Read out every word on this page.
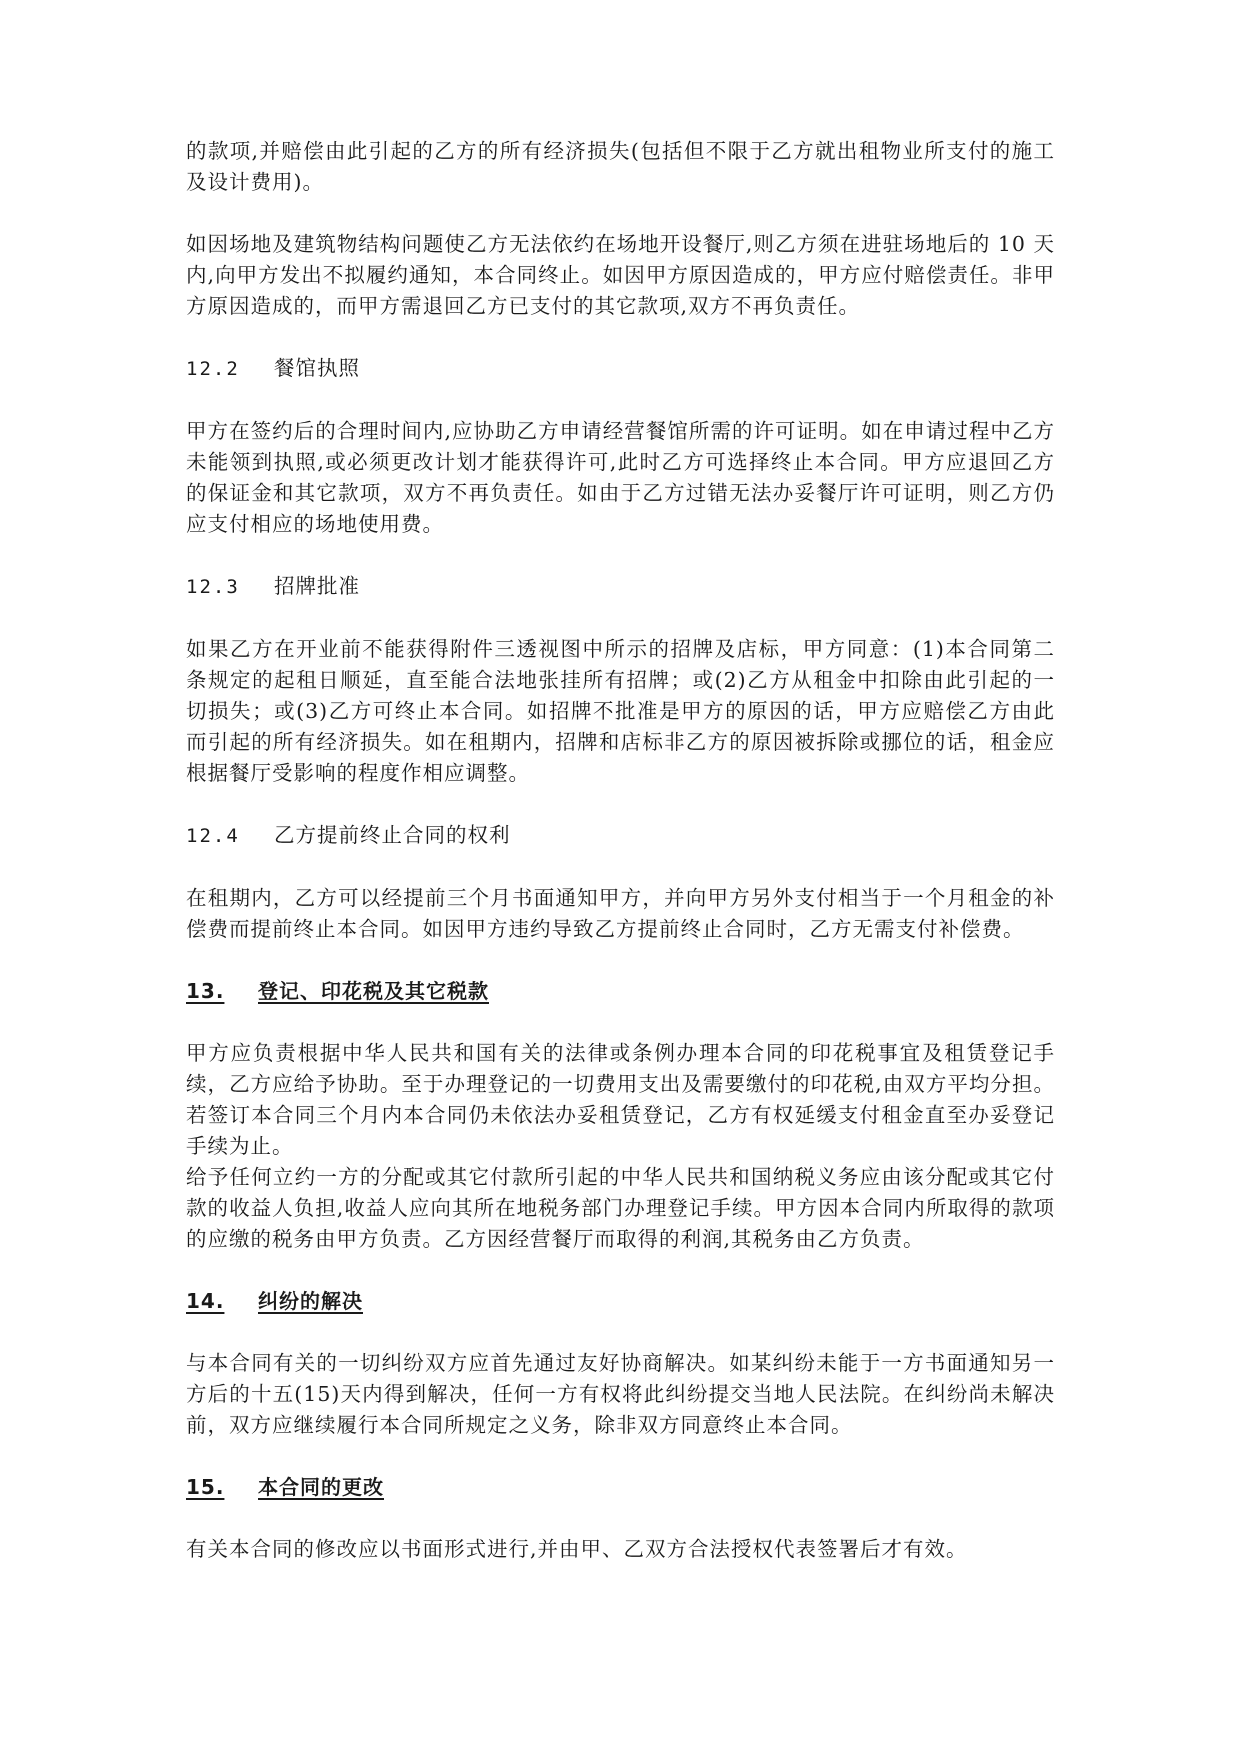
的款项,并赔偿由此引起的乙方的所有经济损失(包括但不限于乙方就出租物业所支付的施工及设计费用)。

如因场地及建筑物结构问题使乙方无法依约在场地开设餐厅,则乙方须在进驻场地后的 10 天内,向甲方发出不拟履约通知，本合同终止。如因甲方原因造成的，甲方应付赔偿责任。非甲方原因造成的，而甲方需退回乙方已支付的其它款项,双方不再负责任。

12.2	餐馆执照

甲方在签约后的合理时间内,应协助乙方申请经营餐馆所需的许可证明。如在申请过程中乙方未能领到执照,或必须更改计划才能获得许可,此时乙方可选择终止本合同。甲方应退回乙方的保证金和其它款项，双方不再负责任。如由于乙方过错无法办妥餐厅许可证明，则乙方仍应支付相应的场地使用费。

12.3	招牌批准

如果乙方在开业前不能获得附件三透视图中所示的招牌及店标，甲方同意：(1)本合同第二条规定的起租日顺延，直至能合法地张挂所有招牌；或(2)乙方从租金中扣除由此引起的一切损失；或(3)乙方可终止本合同。如招牌不批准是甲方的原因的话，甲方应赔偿乙方由此而引起的所有经济损失。如在租期内，招牌和店标非乙方的原因被拆除或挪位的话，租金应根据餐厅受影响的程度作相应调整。

12.4	乙方提前终止合同的权利

在租期内，乙方可以经提前三个月书面通知甲方，并向甲方另外支付相当于一个月租金的补偿费而提前终止本合同。如因甲方违约导致乙方提前终止合同时，乙方无需支付补偿费。

13.	登记、印花税及其它税款

甲方应负责根据中华人民共和国有关的法律或条例办理本合同的印花税事宜及租赁登记手续，乙方应给予协助。至于办理登记的一切费用支出及需要缴付的印花税,由双方平均分担。若签订本合同三个月内本合同仍未依法办妥租赁登记，乙方有权延缓支付租金直至办妥登记手续为止。

给予任何立约一方的分配或其它付款所引起的中华人民共和国纳税义务应由该分配或其它付款的收益人负担,收益人应向其所在地税务部门办理登记手续。甲方因本合同内所取得的款项的应缴的税务由甲方负责。乙方因经营餐厅而取得的利润,其税务由乙方负责。

14.	纠纷的解决

与本合同有关的一切纠纷双方应首先通过友好协商解决。如某纠纷未能于一方书面通知另一方后的十五(15)天内得到解决，任何一方有权将此纠纷提交当地人民法院。在纠纷尚未解决前，双方应继续履行本合同所规定之义务，除非双方同意终止本合同。

15.	本合同的更改

有关本合同的修改应以书面形式进行,并由甲、乙双方合法授权代表签署后才有效。
